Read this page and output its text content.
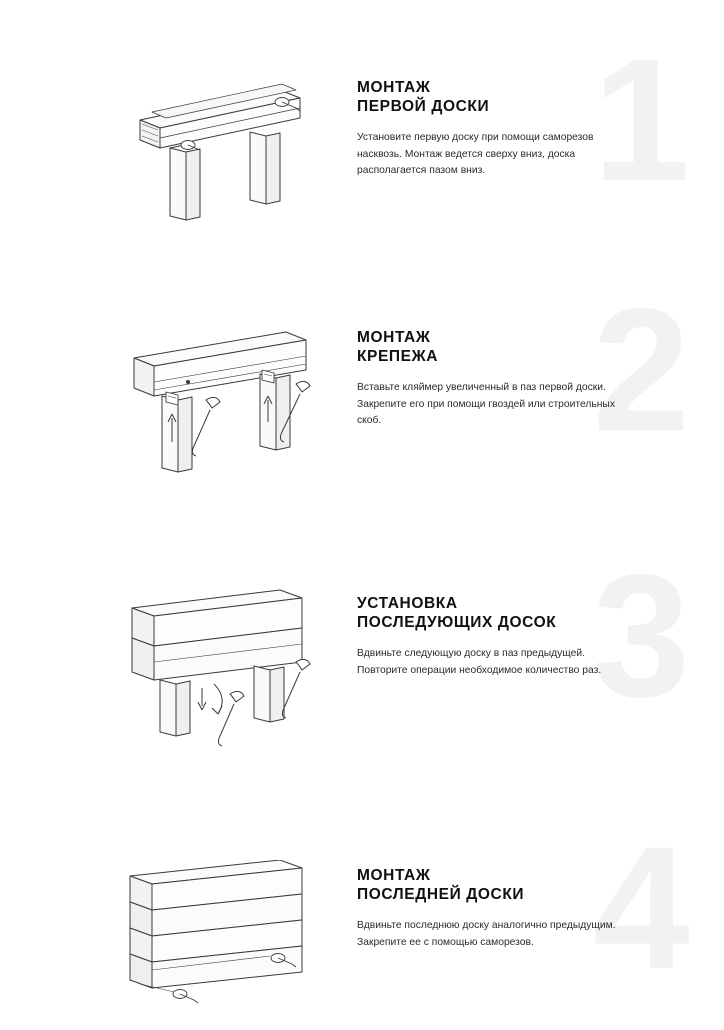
1
МОНТАЖ
ПЕРВОЙ ДОСКИ
Установите первую доску при помощи саморезов насквозь. Монтаж ведется сверху вниз, доска располагается пазом вниз.
2
МОНТАЖ
КРЕПЕЖА
Вставьте кляймер увеличенный в паз первой доски. Закрепите его при помощи гвоздей или строительных скоб.
3
УСТАНОВКА
ПОСЛЕДУЮЩИХ ДОСОК
Вдвиньте следующую доску в паз предыдущей. Повторите операции необходимое количество раз.
4
МОНТАЖ
ПОСЛЕДНЕЙ ДОСКИ
Вдвиньте последнюю доску аналогично предыдущим. Закрепите ее с помощью саморезов.
